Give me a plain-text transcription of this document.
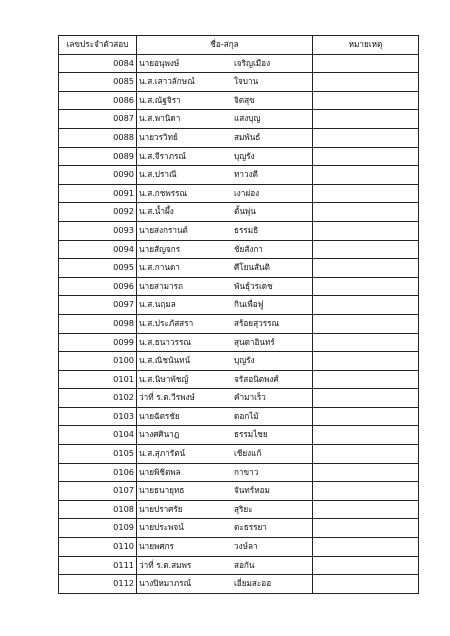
เลขประจำตัวสอบ	ชื่อ-สกุล	หมายเหตุ
0084	นายอนุพงษ์ เจริญเมือง	

0085	น.ส.เสาวลักษณ์ ใจบาน	

0086	น.ส.ณัฐจิรา จิตสุข	

0087	น.ส.พานิดา แสงบุญ	

0088	นายวรวิทย์ สมพันธ์	

0089	น.ส.จีราภรณ์ บุญรัง	

0090	น.ส.ปราณี ทาวงดี	

0091	น.ส.กชพรรณ เงาผ่อง	

0092	น.ส.น้ำผึ้ง ตั้นพุ่น	

0093	นายสงกรานต์ ธรรมธิ	

0094	นายสัญจกร ชัยสังกา	

0095	น.ส.กานดา ศีโยนสันติ	

0096	นายสามารถ พันธุ์วรเดช	

0097	น.ส.นฤมล กินเพื่อฟู	

0098	น.ส.ประภัสสรา สร้อยสุวรรณ	

0099	น.ส.ธนาวรรณ สุนตาอินทร์	

0100	น.ส.ณิชนันทน์ บุญรัง	

0101	น.ส.นิษาพัชญ์ จรัสอนิตพงศ์	

0102	ว่าที่ ร.ต.วีรพงษ์ คำมาเร็ว	

0103	นายฉัตรชัย ดอกไม้	

0104	นางศศินาฎ ธรรมไชย	

0105	น.ส.สุภารัตน์ เชียงแก้	

0106	นายพิชิตพล กาขาว	

0107	นายธนายุทธ จันทร์หอม	

0108	นายปราศรัย สุริยะ	

0109	นายประพจน์ ตะธรรยา	

0110	นายพศกร วงษ์ลา	

0111	ว่าที่ ร.ต.สมพร สอกัน	

0112	นางปิหมาภรณ์ เอี่ยมสะออ	
